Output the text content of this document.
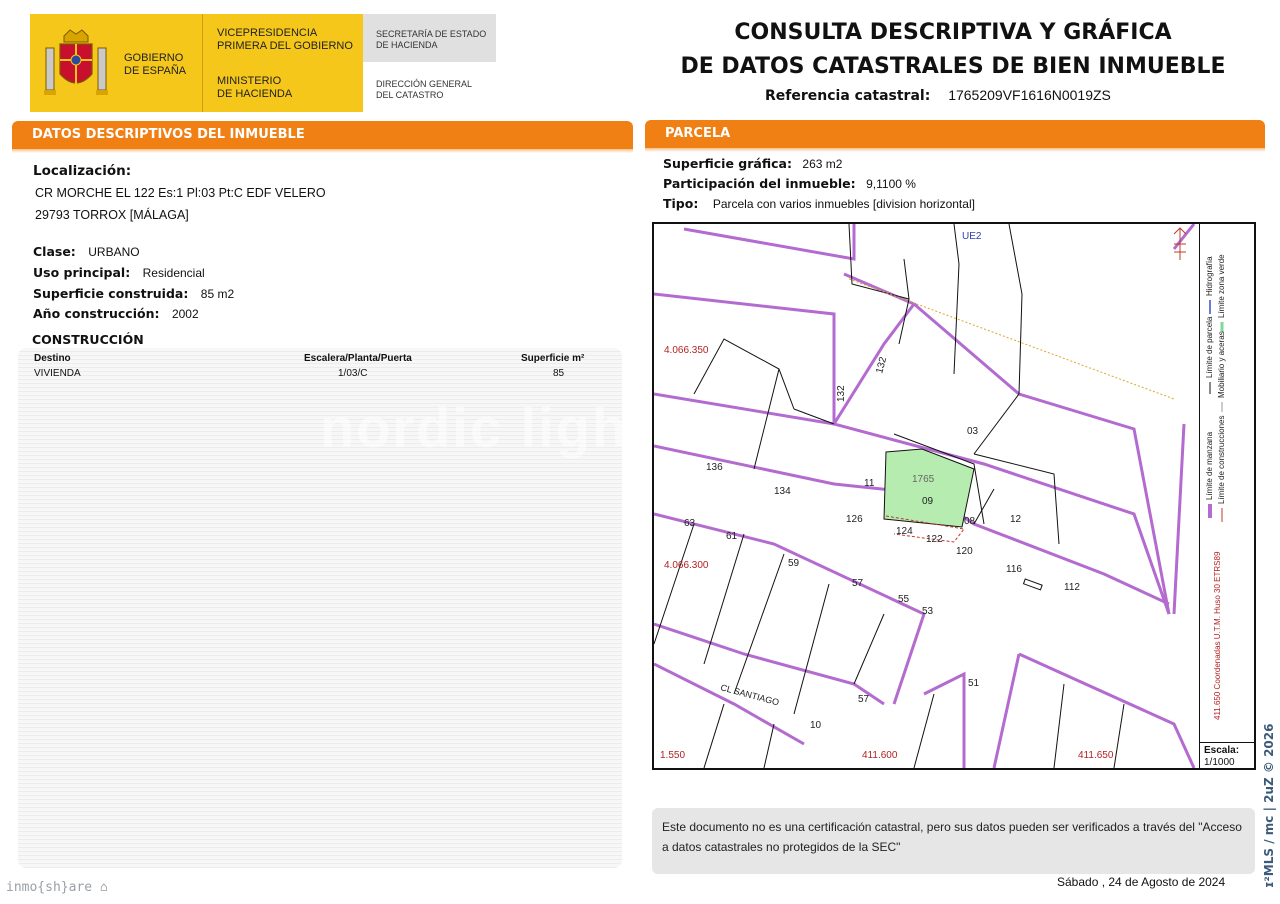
GOBIERNO
DE ESPAÑA
VICEPRESIDENCIA
PRIMERA DEL GOBIERNO
MINISTERIO
DE HACIENDA
SECRETARÍA DE ESTADO
DE HACIENDA
DIRECCIÓN GENERAL
DEL CATASTRO
CONSULTA DESCRIPTIVA Y GRÁFICA
DE DATOS CATASTRALES DE BIEN INMUEBLE
Referencia catastral: 1765209VF1616N0019ZS
DATOS DESCRIPTIVOS DEL INMUEBLE
Localización:
CR MORCHE EL 122 Es:1 Pl:03 Pt:C EDF VELERO
29793 TORROX [MÁLAGA]
Clase: URBANO
Uso principal: Residencial
Superficie construida: 85 m2
Año construcción: 2002
CONSTRUCCIÓN
Destino	Escalera/Planta/Puerta	Superficie m²
VIVIENDA	1/03/C	85
nordic light
PARCELA
Superficie gráfica: 263 m2
Participación del inmueble: 9,1100 %
Tipo: Parcela con varios inmuebles [division horizontal]
UE2
4.066.350
4.066.300
1.550	411.600	411.650
03
11
09
08	12
132
132
136
134
126
124
122
120
116
112
63
61
59
57
55
53
51
57
10
1765
CL SANTIAGO
Hidrografía Límite zona verde
Límite de parcela Mobiliario y aceras
Límite de manzana Límite de construcciones
411.650 Coordenadas U.T.M. Huso 30 ETRS89
Escala:
1/1000
Este documento no es una certificación catastral, pero sus datos pueden ser verificados a través del "Acceso a datos catastrales no protegidos de la SEC"
Sábado , 24 de Agosto de 2024
inmo{sh}are ⌂	ɪ²MLS / mc | 2uZ © 2026
